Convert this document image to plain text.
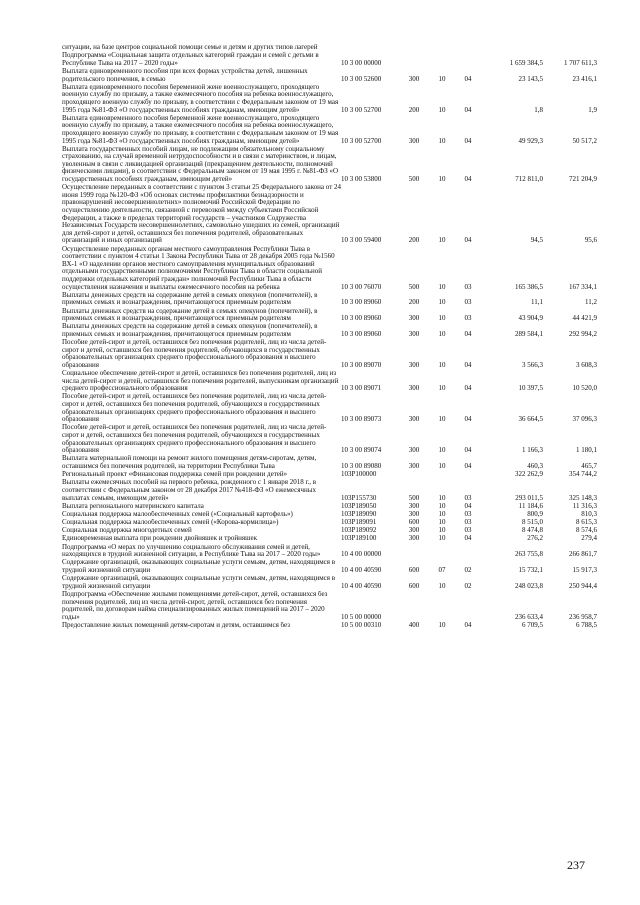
ситуации, на базе центров социальной помощи семье и детям и других типов лагерей						
Подпрограмма «Социальная защита отдельных категорий граждан и семей с детьми в Республике Тыва на 2017 – 2020 годы»	10 3 00 00000				1 659 384,5	1 707 611,3
Выплата единовременного пособия при всех формах устройства детей, лишенных родительского попечения, в семью	10 3 00 52600	300	10	04	23 143,5	23 416,1
Выплата единовременного пособия беременной жене военнослужащего, проходящего военную службу по призыву, а также ежемесячного пособия на ребенка военнослужащего, проходящего военную службу по призыву, в соответствии с Федеральным законом от 19 мая 1995 года №81-ФЗ «О государственных пособиях гражданам, имеющим детей»	10 3 00 52700	200	10	04	1,8	1,9
Выплата единовременного пособия беременной жене военнослужащего, проходящего военную службу по призыву, а также ежемесячного пособия на ребенка военнослужащего, проходящего военную службу по призыву, в соответствии с Федеральным законом от 19 мая 1995 года №81-ФЗ «О государственных пособиях гражданам, имеющим детей»	10 3 00 52700	300	10	04	49 929,3	50 517,2
Выплата государственных пособий лицам, не подлежащим обязательному социальному страхованию, на случай временной нетрудоспособности и в связи с материнством, и лицам, уволенным в связи с ликвидацией организаций (прекращением деятельности, полномочий физическими лицами), в соответствии с Федеральным законом от 19 мая 1995 г. №81-ФЗ «О государственных пособиях гражданам, имеющим детей»	10 3 00 53800	500	10	04	712 811,0	721 204,9
Осуществление переданных в соответствии с пунктом 3 статьи 25 Федерального закона от 24 июня 1999 года №120-ФЗ «Об основах системы профилактики безнадзорности и правонарушений несовершеннолетних» полномочий Российской Федерации по осуществлению деятельности, связанной с перевозкой между субъектами Российской Федерации, а также в пределах территорий государств – участников Содружества Независимых Государств несовершеннолетних, самовольно ушедших из семей, организаций для детей-сирот и детей, оставшихся без попечения родителей, образовательных организаций и иных организаций	10 3 00 59400	200	10	04	94,5	95,6
Осуществление переданных органам местного самоуправления Республики Тыва в соответствии с пунктом 4 статьи 1 Закона Республики Тыва от 28 декабря 2005 года №1560 ВХ-1 «О наделении органов местного самоуправления муниципальных образований отдельными государственными полномочиями Республики Тыва в области социальной поддержки отдельных категорий граждан» полномочий Республики Тыва в области осуществления назначения и выплаты ежемесячного пособия на ребенка	10 3 00 76070	500	10	03	165 386,5	167 334,1
Выплаты денежных средств на содержание детей в семьях опекунов (попечителей), в приемных семьях и вознаграждения, причитающегося приемным родителям	10 3 00 89060	200	10	03	11,1	11,2
Выплаты денежных средств на содержание детей в семьях опекунов (попечителей), в приемных семьях и вознаграждения, причитающегося приемным родителям	10 3 00 89060	300	10	03	43 904,9	44 421,9
Выплаты денежных средств на содержание детей в семьях опекунов (попечителей), в приемных семьях и вознаграждения, причитающегося приемным родителям	10 3 00 89060	300	10	04	289 584,1	292 994,2
Пособие детей-сирот и детей, оставшихся без попечения родителей, лиц из числа детей-сирот и детей, оставшихся без попечения родителей, обучающихся в государственных образовательных организациях среднего профессионального образования и высшего образования	10 3 00 89070	300	10	04	3 566,3	3 608,3
Социальное обеспечение детей-сирот и детей, оставшихся без попечения родителей, лиц из числа детей-сирот и детей, оставшихся без попечения родителей, выпускникам организаций среднего профессионального образования	10 3 00 89071	300	10	04	10 397,5	10 520,0
Пособие детей-сирот и детей, оставшихся без попечения родителей, лиц из числа детей-сирот и детей, оставшихся без попечения родителей, обучающихся в государственных образовательных организациях среднего профессионального образования и высшего образования	10 3 00 89073	300	10	04	36 664,5	37 096,3
Пособие детей-сирот и детей, оставшихся без попечения родителей, лиц из числа детей-сирот и детей, оставшихся без попечения родителей, обучающихся в государственных образовательных организациях среднего профессионального образования и высшего образования	10 3 00 89074	300	10	04	1 166,3	1 180,1
Выплата материальной помощи на ремонт жилого помещения детям-сиротам, детям, оставшимся без попечения родителей, на территории Республики Тыва	10 3 00 89080	300	10	04	460,3	465,7
Региональный проект «Финансовая поддержка семей при рождении детей»	103P100000				322 262,9	354 744,2
Выплаты ежемесячных пособий на первого ребенка, рожденного с 1 января 2018 г., в соответствии с Федеральным законом от 28 декабря 2017 №418-ФЗ «О ежемесячных выплатах семьям, имеющим детей»	103P155730	500	10	03	293 011,5	325 148,3
Выплата регионального материнского капитала	103P189050	300	10	04	11 184,6	11 316,3
Социальная поддержка малообеспеченных семей («Социальный картофель»)	103P189090	300	10	03	800,9	810,3
Социальная поддержка малообеспеченных семей («Корова-кормилица»)	103P189091	600	10	03	8 515,0	8 615,3
Социальная поддержка многодетных семей	103P189092	300	10	03	8 474,8	8 574,6
Единовременная выплата при рождении двойняшек и тройняшек	103P189100	300	10	04	276,2	279,4
Подпрограмма «О мерах по улучшению социального обслуживания семей и детей, находящихся в трудной жизненной ситуации, в Республике Тыва на 2017 – 2020 годы»	10 4 00 00000				263 755,8	266 861,7
Содержание организаций, оказывающих социальные услуги семьям, детям, находящимся в трудной жизненной ситуации	10 4 00 40590	600	07	02	15 732,1	15 917,3
Содержание организаций, оказывающих социальные услуги семьям, детям, находящимся в трудной жизненной ситуации	10 4 00 40590	600	10	02	248 023,8	250 944,4
Подпрограмма «Обеспечение жилыми помещениями детей-сирот, детей, оставшихся без попечения родителей, лиц из числа детей-сирот, детей, оставшихся без попечения родителей, по договорам найма специализированных жилых помещений на 2017 – 2020 годы»	10 5 00 00000				236 633,4	236 958,7
Предоставление жилых помещений детям-сиротам и детям, оставшимся без	10 5 00 00310	400	10	04	6 709,5	6 788,5
237
